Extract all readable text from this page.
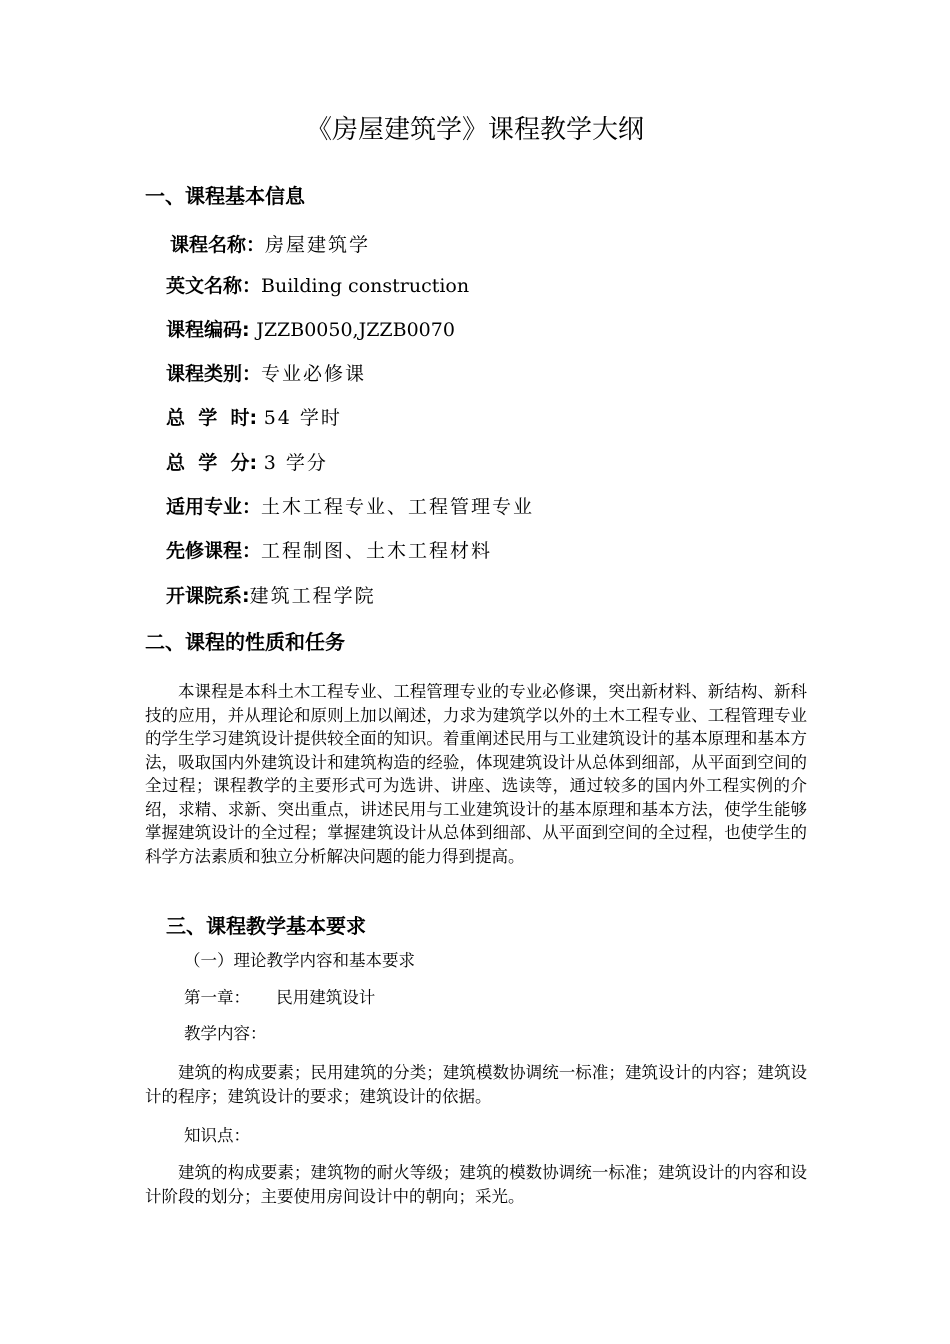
《房屋建筑学》课程教学大纲
一、课程基本信息
课程名称：房屋建筑学
英文名称：Building construction
课程编码: JZZB0050,JZZB0070
课程类别：专业必修课
总  学  时: 54 学时
总  学  分: 3 学分
适用专业：土木工程专业、工程管理专业
先修课程：工程制图、土木工程材料
开课院系:建筑工程学院
二、课程的性质和任务
本课程是本科土木工程专业、工程管理专业的专业必修课，突出新材料、新结构、新科技的应用，并从理论和原则上加以阐述，力求为建筑学以外的土木工程专业、工程管理专业的学生学习建筑设计提供较全面的知识。着重阐述民用与工业建筑设计的基本原理和基本方法，吸取国内外建筑设计和建筑构造的经验，体现建筑设计从总体到细部，从平面到空间的全过程；课程教学的主要形式可为选讲、讲座、选读等，通过较多的国内外工程实例的介绍，求精、求新、突出重点，讲述民用与工业建筑设计的基本原理和基本方法，使学生能够掌握建筑设计的全过程；掌握建筑设计从总体到细部、从平面到空间的全过程，也使学生的科学方法素质和独立分析解决问题的能力得到提高。
三、课程教学基本要求
（一）理论教学内容和基本要求
第一章：     民用建筑设计
教学内容：
建筑的构成要素；民用建筑的分类；建筑模数协调统一标准；建筑设计的内容；建筑设计的程序；建筑设计的要求；建筑设计的依据。
知识点：
建筑的构成要素；建筑物的耐火等级；建筑的模数协调统一标准；建筑设计的内容和设计阶段的划分；主要使用房间设计中的朝向；采光。
